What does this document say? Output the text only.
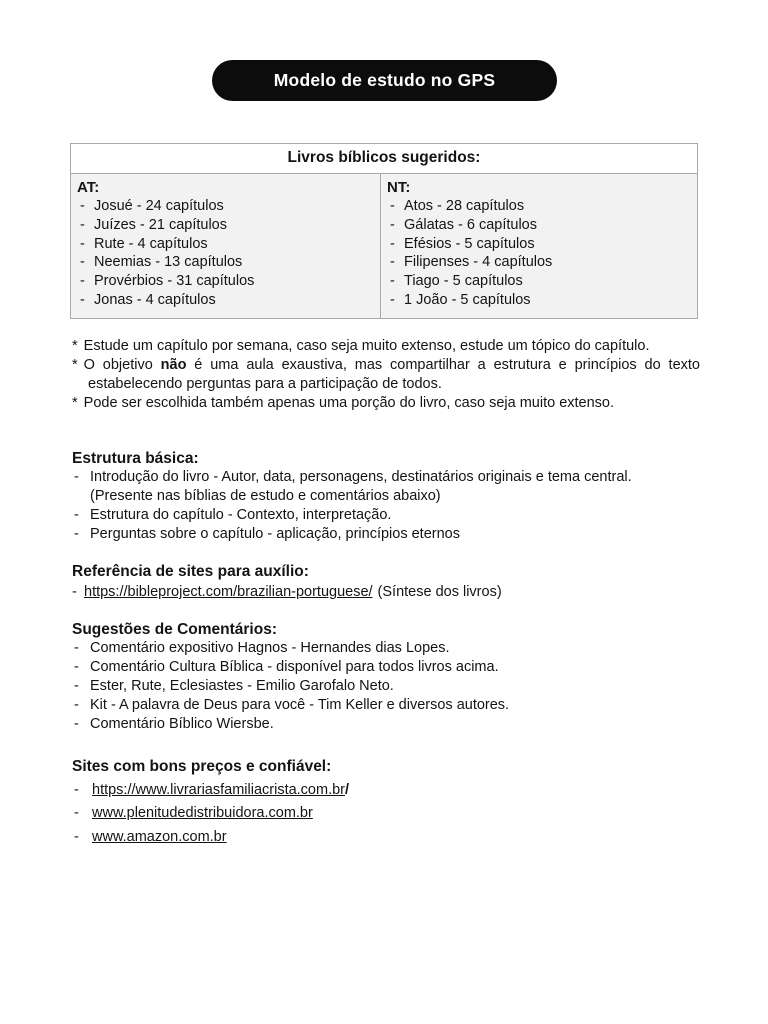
Modelo de estudo no GPS
Livros bíblicos sugeridos:
AT:
- Josué - 24 capítulos
- Juízes - 21 capítulos
- Rute - 4 capítulos
- Neemias - 13 capítulos
- Provérbios - 31 capítulos
- Jonas - 4 capítulos
NT:
- Atos - 28 capítulos
- Gálatas - 6 capítulos
- Efésios - 5 capítulos
- Filipenses - 4 capítulos
- Tiago - 5 capítulos
- 1 João - 5 capítulos

* Estude um capítulo por semana, caso seja muito extenso, estude um tópico do capítulo.

* O objetivo não é uma aula exaustiva, mas compartilhar a estrutura e princípios do texto estabelecendo perguntas para a participação de todos.

* Pode ser escolhida também apenas uma porção do livro, caso seja muito extenso.

Estrutura básica:
- Introdução do livro - Autor, data, personagens, destinatários originais e tema central.
(Presente nas bíblias de estudo e comentários abaixo)
- Estrutura do capítulo - Contexto, interpretação.
- Perguntas sobre o capítulo - aplicação, princípios eternos
Referência de sites para auxílio:
- https://bibleproject.com/brazilian-portuguese/ (Síntese dos livros)
Sugestões de Comentários:
- Comentário expositivo Hagnos - Hernandes dias Lopes.
- Comentário Cultura Bíblica - disponível para todos livros acima.
- Ester, Rute, Eclesiastes - Emilio Garofalo Neto.
- Kit - A palavra de Deus para você - Tim Keller e diversos autores.
- Comentário Bíblico Wiersbe.
Sites com bons preços e confiável:
- https://www.livrariasfamiliacrista.com.br/
- www.plenitudedistribuidora.com.br
- www.amazon.com.br
